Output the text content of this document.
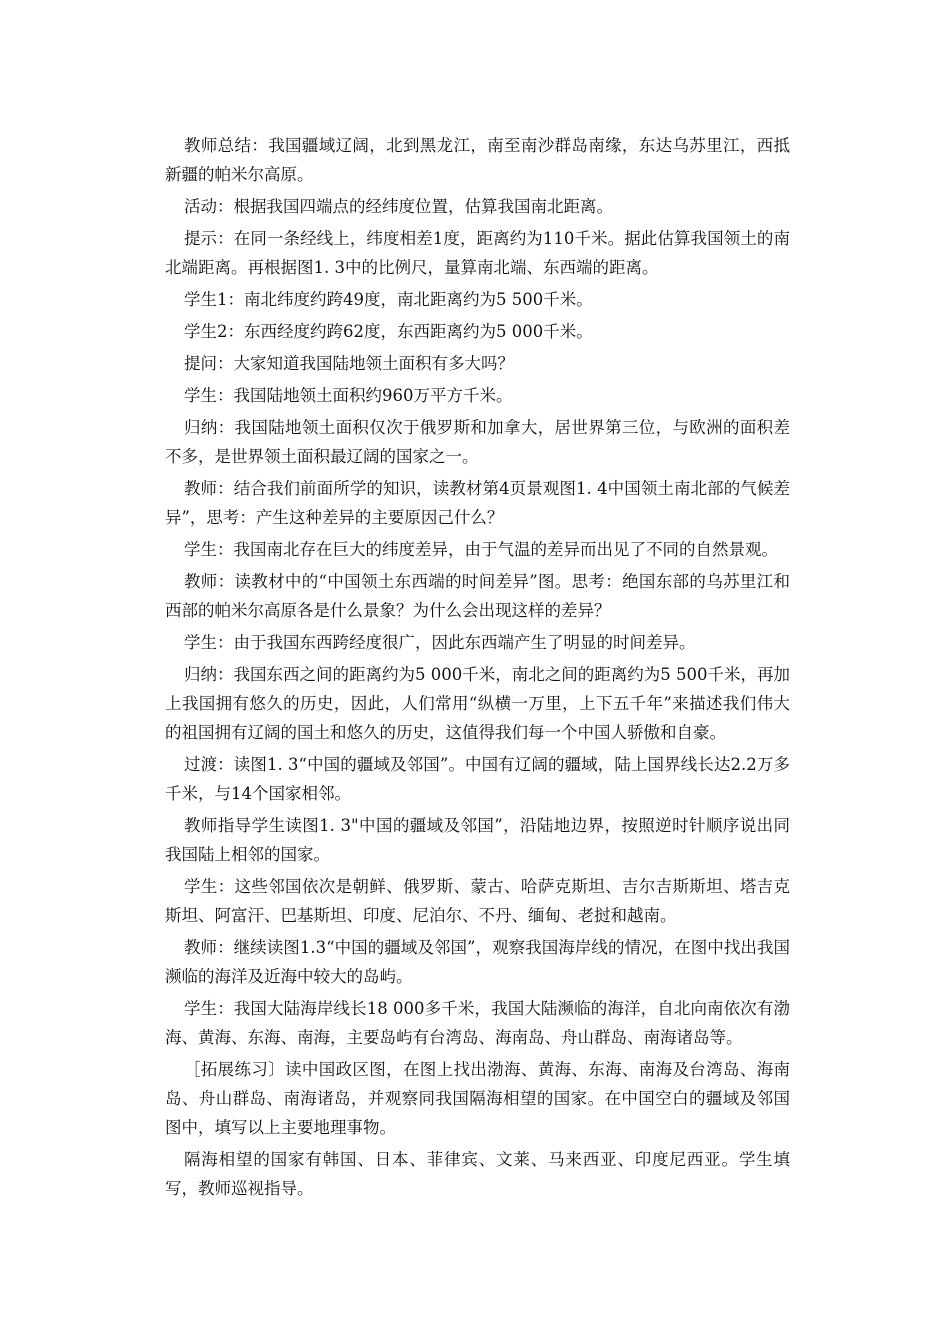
教师总结：我国疆域辽阔，北到黑龙江，南至南沙群岛南缘，东达乌苏里江，西抵新疆的帕米尔高原。

活动：根据我国四端点的经纬度位置，估算我国南北距离。

提示：在同一条经线上，纬度相差1度，距离约为110千米。据此估算我国领土的南北端距离。再根据图1. 3中的比例尺，量算南北端、东西端的距离。

学生1：南北纬度约跨49度，南北距离约为5 500千米。

学生2：东西经度约跨62度，东西距离约为5 000千米。

提问：大家知道我国陆地领土面积有多大吗？

学生：我国陆地领土面积约960万平方千米。

归纳：我国陆地领土面积仅次于俄罗斯和加拿大，居世界第三位，与欧洲的面积差不多，是世界领土面积最辽阔的国家之一。

教师：结合我们前面所学的知识，读教材第4页景观图1. 4中国领土南北部的气候差异”，思考：产生这种差异的主要原因己什么？

学生：我国南北存在巨大的纬度差异，由于气温的差异而出见了不同的自然景观。

教师：读教材中的“中国领土东西端的时间差异”图。思考：绝国东部的乌苏里江和西部的帕米尔高原各是什么景象？为什么会出现这样的差异？

学生：由于我国东西跨经度很广，因此东西端产生了明显的时间差异。

归纳：我国东西之间的距离约为5 000千米，南北之间的距离约为5 500千米，再加上我国拥有悠久的历史，因此，人们常用“纵横一万里，上下五千年”来描述我们伟大的祖国拥有辽阔的国土和悠久的历史，这值得我们每一个中国人骄傲和自豪。

过渡：读图1. 3“中国的疆域及邻国”。中国有辽阔的疆域，陆上国界线长达2.2万多千米，与14个国家相邻。

教师指导学生读图1. 3"中国的疆域及邻国”，沿陆地边界，按照逆时针顺序说出同我国陆上相邻的国家。

学生：这些邻国依次是朝鲜、俄罗斯、蒙古、哈萨克斯坦、吉尔吉斯斯坦、塔吉克斯坦、阿富汗、巴基斯坦、印度、尼泊尔、不丹、缅甸、老挝和越南。

教师：继续读图1.3“中国的疆域及邻国”，观察我国海岸线的情况，在图中找出我国濒临的海洋及近海中较大的岛屿。

学生：我国大陆海岸线长18 000多千米，我国大陆濒临的海洋，自北向南依次有渤海、黄海、东海、南海，主要岛屿有台湾岛、海南岛、舟山群岛、南海诸岛等。

［拓展练习〕读中国政区图，在图上找出渤海、黄海、东海、南海及台湾岛、海南岛、舟山群岛、南海诸岛，并观察同我国隔海相望的国家。在中国空白的疆域及邻国图中，填写以上主要地理事物。

隔海相望的国家有韩国、日本、菲律宾、文莱、马来西亚、印度尼西亚。学生填写，教师巡视指导。
